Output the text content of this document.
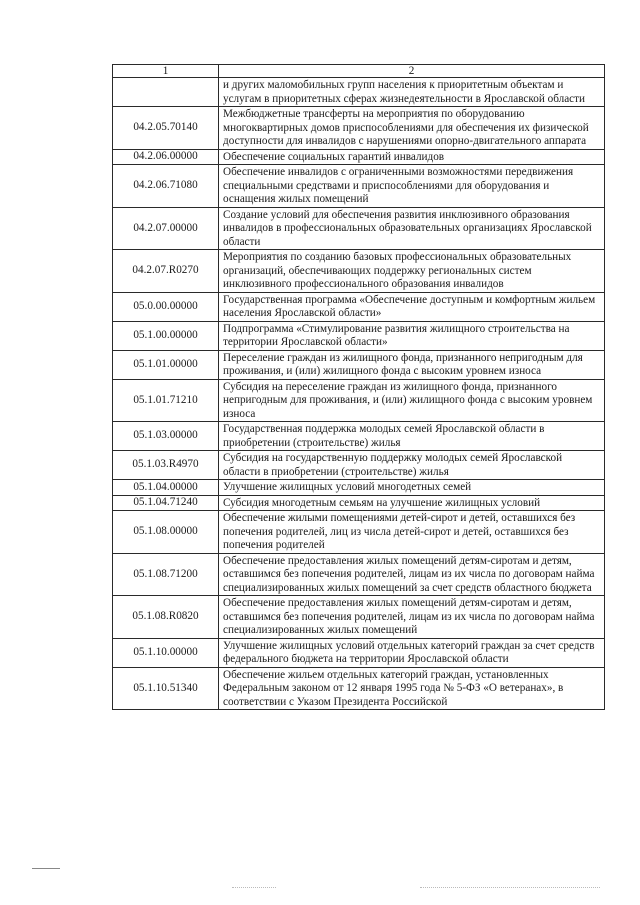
1	2
	и других маломобильных групп населения к приоритетным объектам и услугам в приоритетных сферах жизнедеятельности в Ярославской области
04.2.05.70140	Межбюджетные трансферты на мероприятия по оборудованию многоквартирных домов приспособлениями для обеспечения их физической доступности для инвалидов с нарушениями опорно-двигательного аппарата
04.2.06.00000	Обеспечение социальных гарантий инвалидов
04.2.06.71080	Обеспечение инвалидов с ограниченными возможностями передвижения специальными средствами и приспособлениями для оборудования и оснащения жилых помещений
04.2.07.00000	Создание условий для обеспечения развития инклюзивного образования инвалидов в профессиональных образовательных организациях Ярославской области
04.2.07.R0270	Мероприятия по созданию базовых профессиональных образовательных организаций, обеспечивающих поддержку региональных систем инклюзивного профессионального образования инвалидов
05.0.00.00000	Государственная программа «Обеспечение доступным и комфортным жильем населения Ярославской области»
05.1.00.00000	Подпрограмма «Стимулирование развития жилищного строительства на территории Ярославской области»
05.1.01.00000	Переселение граждан из жилищного фонда, признанного непригодным для проживания, и (или) жилищного фонда с высоким уровнем износа
05.1.01.71210	Субсидия на переселение граждан из жилищного фонда, признанного непригодным для проживания, и (или) жилищного фонда с высоким уровнем износа
05.1.03.00000	Государственная поддержка молодых семей Ярославской области в приобретении (строительстве) жилья
05.1.03.R4970	Субсидия на государственную поддержку молодых семей Ярославской области в приобретении (строительстве) жилья
05.1.04.00000	Улучшение жилищных условий многодетных семей
05.1.04.71240	Субсидия многодетным семьям на улучшение жилищных условий
05.1.08.00000	Обеспечение жилыми помещениями детей-сирот и детей, оставшихся без попечения родителей, лиц из числа детей-сирот и детей, оставшихся без попечения родителей
05.1.08.71200	Обеспечение предоставления жилых помещений детям-сиротам и детям, оставшимся без попечения родителей, лицам из их числа по договорам найма специализированных жилых помещений за счет средств областного бюджета
05.1.08.R0820	Обеспечение предоставления жилых помещений детям-сиротам и детям, оставшимся без попечения родителей, лицам из их числа по договорам найма специализированных жилых помещений
05.1.10.00000	Улучшение жилищных условий отдельных категорий граждан за счет средств федерального бюджета на территории Ярославской области
05.1.10.51340	Обеспечение жильем отдельных категорий граждан, установленных Федеральным законом от 12 января 1995 года № 5-ФЗ «О ветеранах», в соответствии с Указом Президента Российской
